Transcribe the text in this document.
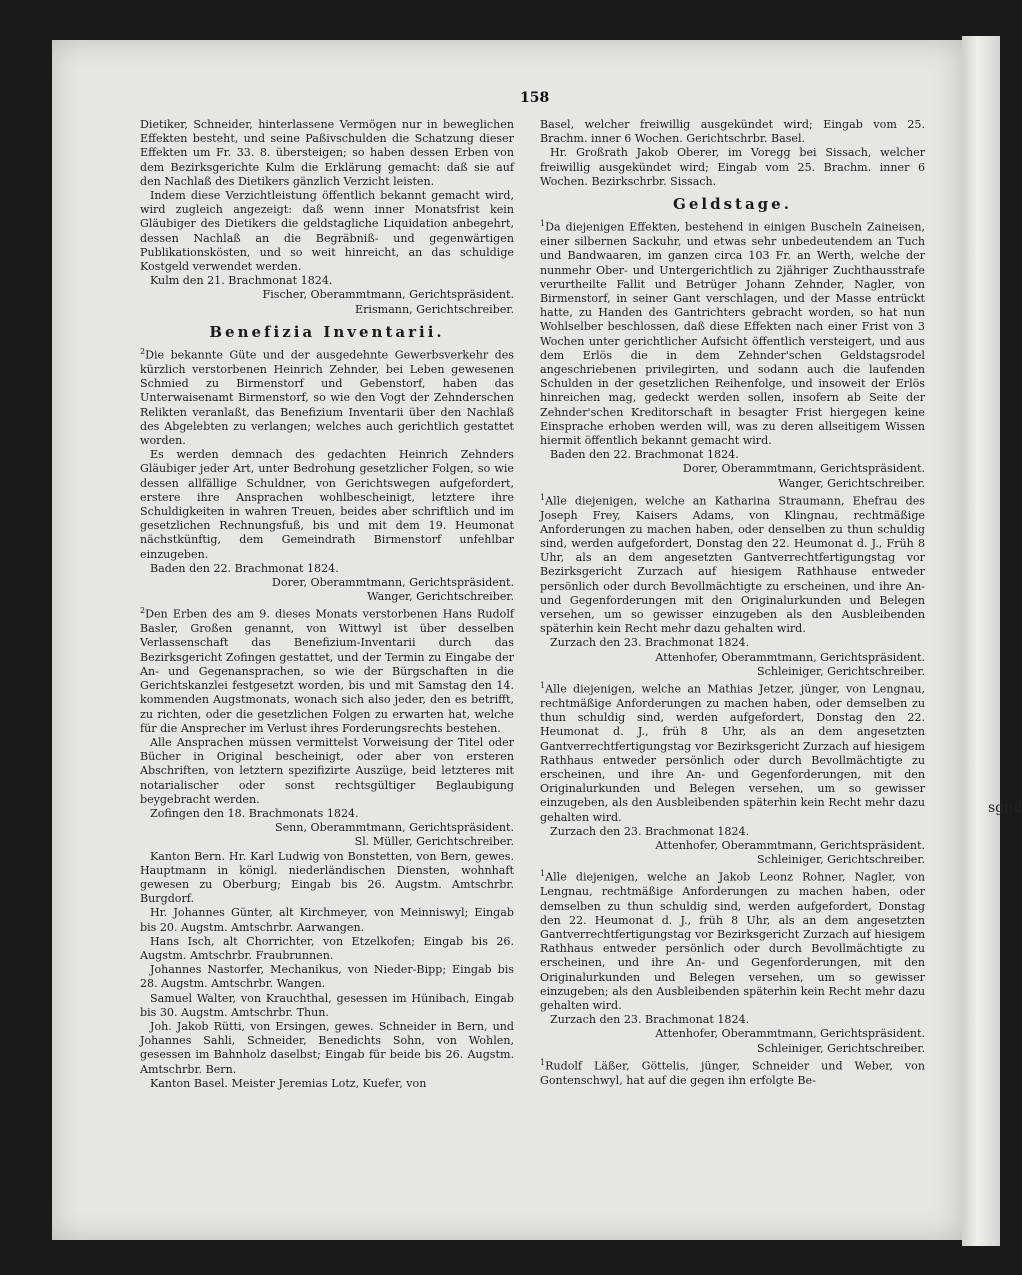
sgnd
158

Dietiker, Schneider, hinterlassene Vermögen nur in beweglichen Effekten besteht, und seine Paßivschulden die Schatzung dieser Effekten um Fr. 33. 8. übersteigen; so haben dessen Erben von dem Bezirksgerichte Kulm die Erklärung gemacht: daß sie auf den Nachlaß des Dietikers gänzlich Verzicht leisten.

Indem diese Verzichtleistung öffentlich bekannt gemacht wird, wird zugleich angezeigt: daß wenn inner Monatsfrist kein Gläubiger des Dietikers die geldstagliche Liquidation anbegehrt, dessen Nachlaß an die Begräbniß- und gegenwärtigen Publikationskösten, und so weit hinreicht, an das schuldige Kostgeld verwendet werden.

Kulm den 21. Brachmonat 1824.

Fischer, Oberammtmann, Gerichtspräsident.

Erismann, Gerichtschreiber.

Benefizia Inventarii.

$^2$Die bekannte Güte und der ausgedehnte Gewerbsverkehr des kürzlich verstorbenen Heinrich Zehnder, bei Leben gewesenen Schmied zu Birmenstorf und Gebenstorf, haben das Unterwaisenamt Birmenstorf, so wie den Vogt der Zehnderschen Relikten veranlaßt, das Benefizium Inventarii über den Nachlaß des Abgelebten zu verlangen; welches auch gerichtlich gestattet worden.

Es werden demnach des gedachten Heinrich Zehnders Gläubiger jeder Art, unter Bedrohung gesetzlicher Folgen, so wie dessen allfällige Schuldner, von Gerichtswegen aufgefordert, erstere ihre Ansprachen wohlbescheinigt, letztere ihre Schuldigkeiten in wahren Treuen, beides aber schriftlich und im gesetzlichen Rechnungsfuß, bis und mit dem 19. Heumonat nächstkünftig, dem Gemeindrath Birmenstorf unfehlbar einzugeben.

Baden den 22. Brachmonat 1824.

Dorer, Oberammtmann, Gerichtspräsident.

Wanger, Gerichtschreiber.

$^2$Den Erben des am 9. dieses Monats verstorbenen Hans Rudolf Basler, Großen genannt, von Wittwyl ist über desselben Verlassenschaft das Benefizium-Inventarii durch das Bezirksgericht Zofingen gestattet, und der Termin zu Eingabe der An- und Gegenansprachen, so wie der Bürgschaften in die Gerichtskanzlei festgesetzt worden, bis und mit Samstag den 14. kommenden Augstmonats, wonach sich also jeder, den es betrifft, zu richten, oder die gesetzlichen Folgen zu erwarten hat, welche für die Ansprecher im Verlust ihres Forderungsrechts bestehen.

Alle Ansprachen müssen vermittelst Vorweisung der Titel oder Bücher in Original bescheinigt, oder aber von ersteren Abschriften, von letztern spezifizirte Auszüge, beid letzteres mit notarialischer oder sonst rechtsgültiger Beglaubigung beygebracht werden.

Zofingen den 18. Brachmonats 1824.

Senn, Oberammtmann, Gerichtspräsident.

Sl. Müller, Gerichtschreiber.

Kanton Bern. Hr. Karl Ludwig von Bonstetten, von Bern, gewes. Hauptmann in königl. niederländischen Diensten, wohnhaft gewesen zu Oberburg; Eingab bis 26. Augstm. Amtschrbr. Burgdorf.

Hr. Johannes Günter, alt Kirchmeyer, von Meinniswyl; Eingab bis 20. Augstm. Amtschrbr. Aarwangen.

Hans Isch, alt Chorrichter, von Etzelkofen; Eingab bis 26. Augstm. Amtschrbr. Fraubrunnen.

Johannes Nastorfer, Mechanikus, von Nieder-Bipp; Eingab bis 28. Augstm. Amtschrbr. Wangen.

Samuel Walter, von Krauchthal, gesessen im Hünibach, Eingab bis 30. Augstm. Amtschrbr. Thun.

Joh. Jakob Rütti, von Ersingen, gewes. Schneider in Bern, und Johannes Sahli, Schneider, Benedichts Sohn, von Wohlen, gesessen im Bahnholz daselbst; Eingab für beide bis 26. Augstm. Amtschrbr. Bern.

Kanton Basel. Meister Jeremias Lotz, Kuefer, von

Basel, welcher freiwillig ausgekündet wird; Eingab vom 25. Brachm. inner 6 Wochen. Gerichtschrbr. Basel.

Hr. Großrath Jakob Oberer, im Voregg bei Sissach, welcher freiwillig ausgekündet wird; Eingab vom 25. Brachm. inner 6 Wochen. Bezirkschrbr. Sissach.

Geldstage.

$^1$Da diejenigen Effekten, bestehend in einigen Buscheln Zaineisen, einer silbernen Sackuhr, und etwas sehr unbedeutendem an Tuch und Bandwaaren, im ganzen circa 103 Fr. an Werth, welche der nunmehr Ober- und Untergerichtlich zu 2jähriger Zuchthausstrafe verurtheilte Fallit und Betrüger Johann Zehnder, Nagler, von Birmenstorf, in seiner Gant verschlagen, und der Masse entrückt hatte, zu Handen des Gantrichters gebracht worden, so hat nun Wohlselber beschlossen, daß diese Effekten nach einer Frist von 3 Wochen unter gerichtlicher Aufsicht öffentlich versteigert, und aus dem Erlös die in dem Zehnder'schen Geldstagsrodel angeschriebenen privilegirten, und sodann auch die laufenden Schulden in der gesetzlichen Reihenfolge, und insoweit der Erlös hinreichen mag, gedeckt werden sollen, insofern ab Seite der Zehnder'schen Kreditorschaft in besagter Frist hiergegen keine Einsprache erhoben werden will, was zu deren allseitigem Wissen hiermit öffentlich bekannt gemacht wird.

Baden den 22. Brachmonat 1824.

Dorer, Oberammtmann, Gerichtspräsident.

Wanger, Gerichtschreiber.

$^1$Alle diejenigen, welche an Katharina Straumann, Ehefrau des Joseph Frey, Kaisers Adams, von Klingnau, rechtmäßige Anforderungen zu machen haben, oder denselben zu thun schuldig sind, werden aufgefordert, Donstag den 22. Heumonat d. J., Früh 8 Uhr, als an dem angesetzten Gantverrechtfertigungstag vor Bezirksgericht Zurzach auf hiesigem Rathhause entweder persönlich oder durch Bevollmächtigte zu erscheinen, und ihre An- und Gegenforderungen mit den Originalurkunden und Belegen versehen, um so gewisser einzugeben als den Ausbleibenden späterhin kein Recht mehr dazu gehalten wird.

Zurzach den 23. Brachmonat 1824.

Attenhofer, Oberammtmann, Gerichtspräsident.

Schleiniger, Gerichtschreiber.

$^1$Alle diejenigen, welche an Mathias Jetzer, jünger, von Lengnau, rechtmäßige Anforderungen zu machen haben, oder demselben zu thun schuldig sind, werden aufgefordert, Donstag den 22. Heumonat d. J., früh 8 Uhr, als an dem angesetzten Gantverrechtfertigungstag vor Bezirksgericht Zurzach auf hiesigem Rathhaus entweder persönlich oder durch Bevollmächtigte zu erscheinen, und ihre An- und Gegenforderungen, mit den Originalurkunden und Belegen versehen, um so gewisser einzugeben, als den Ausbleibenden späterhin kein Recht mehr dazu gehalten wird.

Zurzach den 23. Brachmonat 1824.

Attenhofer, Oberammtmann, Gerichtspräsident.

Schleiniger, Gerichtschreiber.

$^1$Alle diejenigen, welche an Jakob Leonz Rohner, Nagler, von Lengnau, rechtmäßige Anforderungen zu machen haben, oder demselben zu thun schuldig sind, werden aufgefordert, Donstag den 22. Heumonat d. J., früh 8 Uhr, als an dem angesetzten Gantverrechtfertigungstag vor Bezirksgericht Zurzach auf hiesigem Rathhaus entweder persönlich oder durch Bevollmächtigte zu erscheinen, und ihre An- und Gegenforderungen, mit den Originalurkunden und Belegen versehen, um so gewisser einzugeben; als den Ausbleibenden späterhin kein Recht mehr dazu gehalten wird.

Zurzach den 23. Brachmonat 1824.

Attenhofer, Oberammtmann, Gerichtspräsident.

Schleiniger, Gerichtschreiber.

$^1$Rudolf Läßer, Göttelis, jünger, Schneider und Weber, von Gontenschwyl, hat auf die gegen ihn erfolgte Be-
